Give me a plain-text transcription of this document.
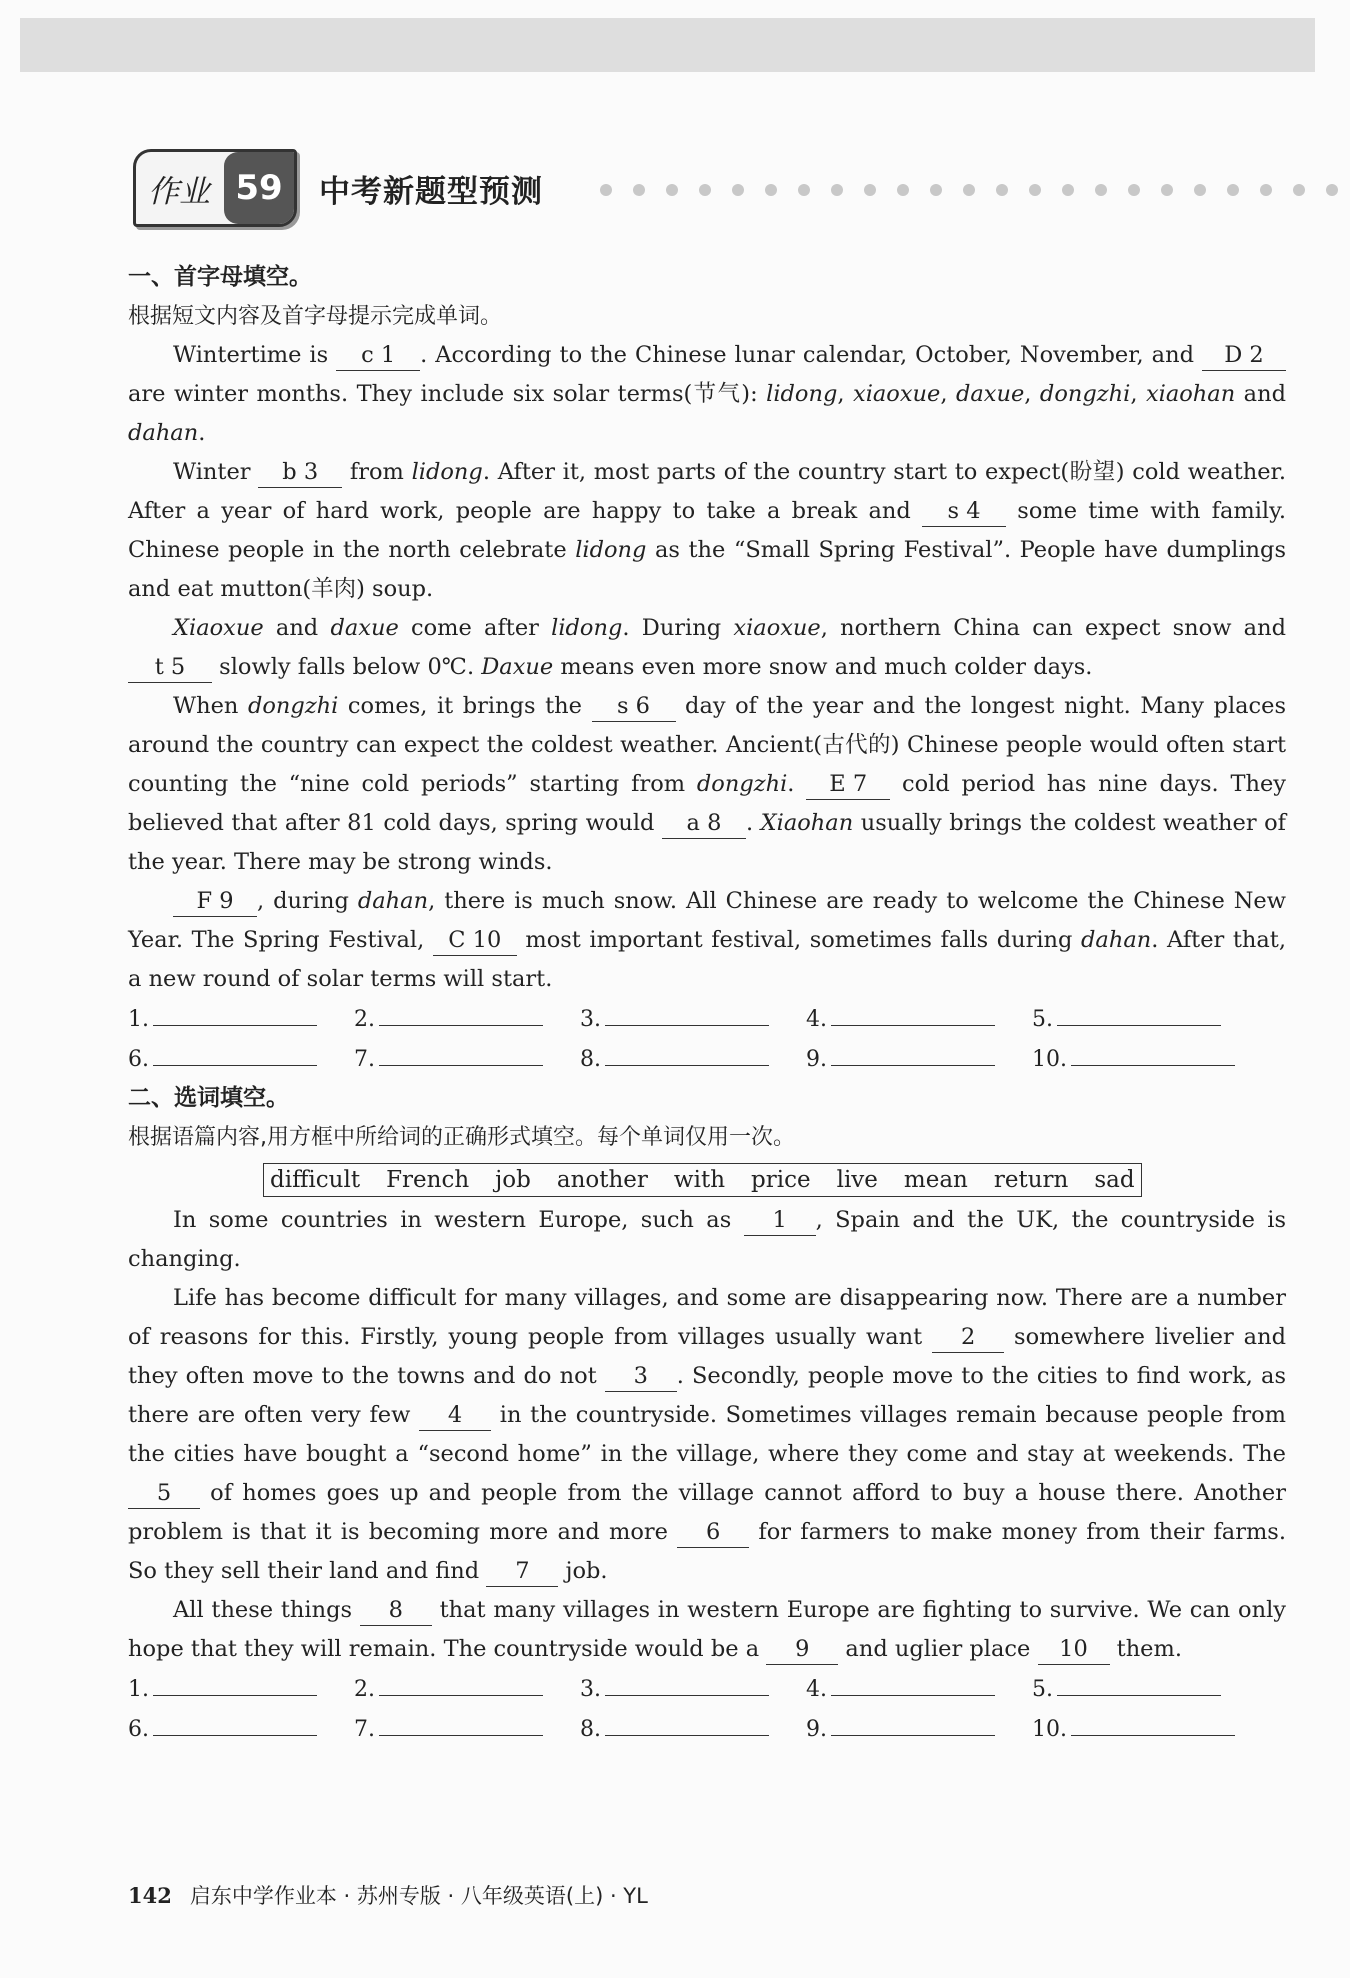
作业 59	中考新题型预测
一、首字母填空。
根据短文内容及首字母提示完成单词。

Wintertime is c 1. According to the Chinese lunar calendar, October, November, and D 2 are winter months. They include six solar terms(节气): lidong, xiaoxue, daxue, dongzhi, xiaohan and dahan.

Winter b 3 from lidong. After it, most parts of the country start to expect(盼望) cold weather. After a year of hard work, people are happy to take a break and s 4 some time with family. Chinese people in the north celebrate lidong as the “Small Spring Festival”. People have dumplings and eat mutton(羊肉) soup.

Xiaoxue and daxue come after lidong. During xiaoxue, northern China can expect snow and t 5 slowly falls below 0℃. Daxue means even more snow and much colder days.

When dongzhi comes, it brings the s 6 day of the year and the longest night. Many places around the country can expect the coldest weather. Ancient(古代的) Chinese people would often start counting the “nine cold periods” starting from dongzhi. E 7 cold period has nine days. They believed that after 81 cold days, spring would a 8. Xiaohan usually brings the coldest weather of the year. There may be strong winds.

F 9, during dahan, there is much snow. All Chinese are ready to welcome the Chinese New Year. The Spring Festival, C 10 most important festival, sometimes falls during dahan. After that, a new round of solar terms will start.

1.	2.	3.	4.	5.
6.	7.	8.	9.	10.
二、选词填空。
根据语篇内容,用方框中所给词的正确形式填空。每个单词仅用一次。
difficult French job another with price live mean return sad

In some countries in western Europe, such as 1 , Spain and the UK, the countryside is changing.

Life has become difficult for many villages, and some are disappearing now. There are a number of reasons for this. Firstly, young people from villages usually want 2 somewhere livelier and they often move to the towns and do not 3 . Secondly, people move to the cities to find work, as there are often very few 4 in the countryside. Sometimes villages remain because people from the cities have bought a “second home” in the village, where they come and stay at weekends. The 5 of homes goes up and people from the village cannot afford to buy a house there. Another problem is that it is becoming more and more 6 for farmers to make money from their farms. So they sell their land and find 7 job.

All these things 8 that many villages in western Europe are fighting to survive. We can only hope that they will remain. The countryside would be a 9 and uglier place 10 them.

1.	2.	3.	4.	5.
6.	7.	8.	9.	10.
142 启东中学作业本 · 苏州专版 · 八年级英语(上) · YL
